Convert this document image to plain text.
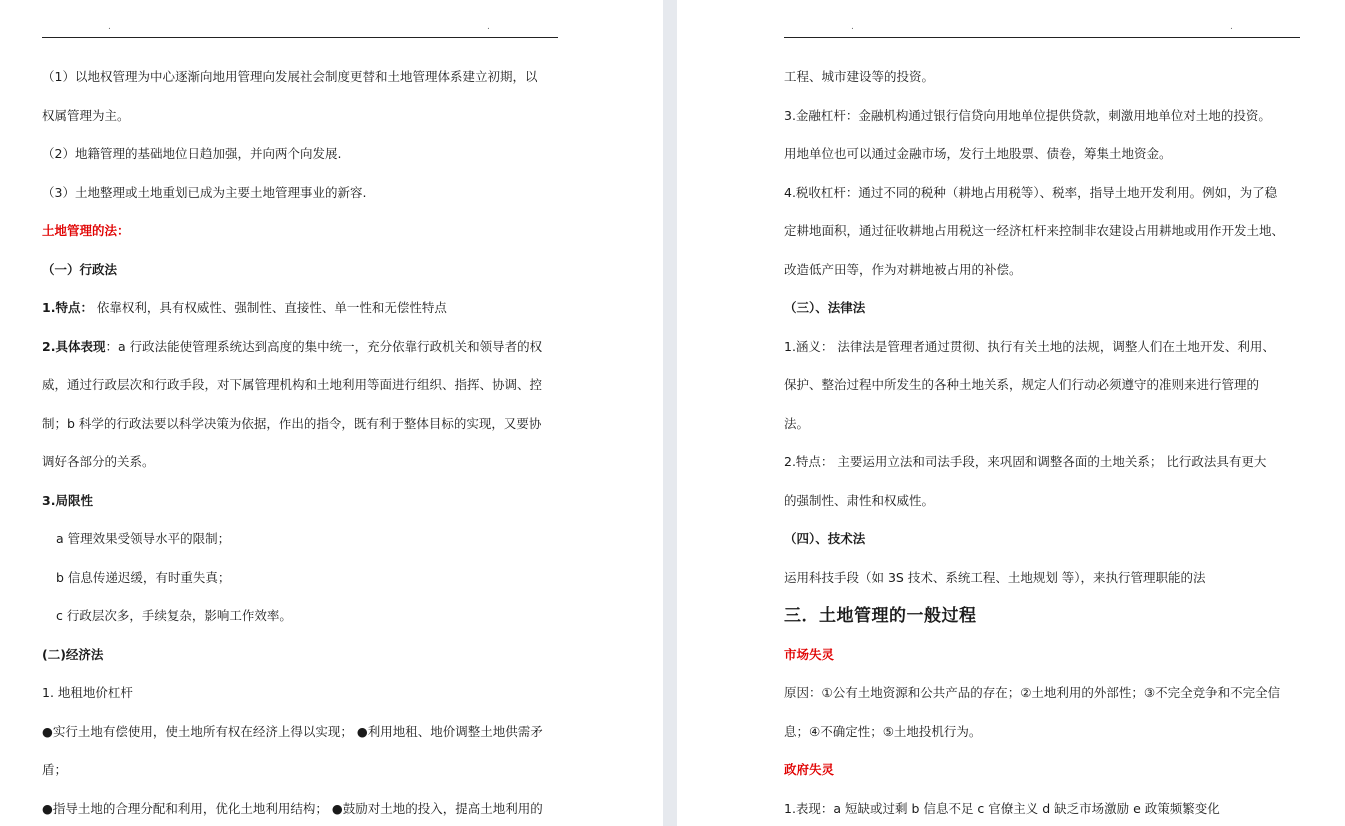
.	.
（1）以地权管理为中心逐渐向地用管理向发展社会制度更替和土地管理体系建立初期，以
权属管理为主。
（2）地籍管理的基础地位日趋加强，并向两个向发展.
（3）土地整理或土地重划已成为主要土地管理事业的新容.
土地管理的法：
（一）行政法
1.特点： 依靠权利，具有权威性、强制性、直接性、单一性和无偿性特点
2.具体表现：a 行政法能使管理系统达到高度的集中统一，充分依靠行政机关和领导者的权
威，通过行政层次和行政手段，对下属管理机构和土地利用等面进行组织、指挥、协调、控
制；b 科学的行政法要以科学决策为依据，作出的指令，既有利于整体目标的实现，又要协
调好各部分的关系。
3.局限性
a 管理效果受领导水平的限制；
b 信息传递迟缓，有时重失真；
c 行政层次多，手续复杂，影响工作效率。
(二)经济法
1. 地租地价杠杆
●实行土地有偿使用，使土地所有权在经济上得以实现； ●利用地租、地价调整土地供需矛
盾；
●指导土地的合理分配和利用，优化土地利用结构； ●鼓励对土地的投入，提高土地利用的
.	.
工程、城市建设等的投资。
3.金融杠杆：金融机构通过银行信贷向用地单位提供贷款，刺激用地单位对土地的投资。
用地单位也可以通过金融市场，发行土地股票、债卷，筹集土地资金。
4.税收杠杆：通过不同的税种（耕地占用税等）、税率，指导土地开发利用。例如，为了稳
定耕地面积，通过征收耕地占用税这一经济杠杆来控制非农建设占用耕地或用作开发土地、
改造低产田等，作为对耕地被占用的补偿。
（三）、法律法
1.涵义： 法律法是管理者通过贯彻、执行有关土地的法规，调整人们在土地开发、利用、
保护、整治过程中所发生的各种土地关系，规定人们行动必须遵守的准则来进行管理的
法。
2.特点： 主要运用立法和司法手段，来巩固和调整各面的土地关系； 比行政法具有更大
的强制性、肃性和权威性。
（四）、技术法
运用科技手段（如 3S 技术、系统工程、土地规划 等），来执行管理职能的法
三．土地管理的一般过程
市场失灵
原因：①公有土地资源和公共产品的存在；②土地利用的外部性；③不完全竞争和不完全信
息；④不确定性；⑤土地投机行为。
政府失灵
1.表现：a 短缺或过剩 b 信息不足 c 官僚主义 d 缺乏市场激励 e 政策频繁变化
